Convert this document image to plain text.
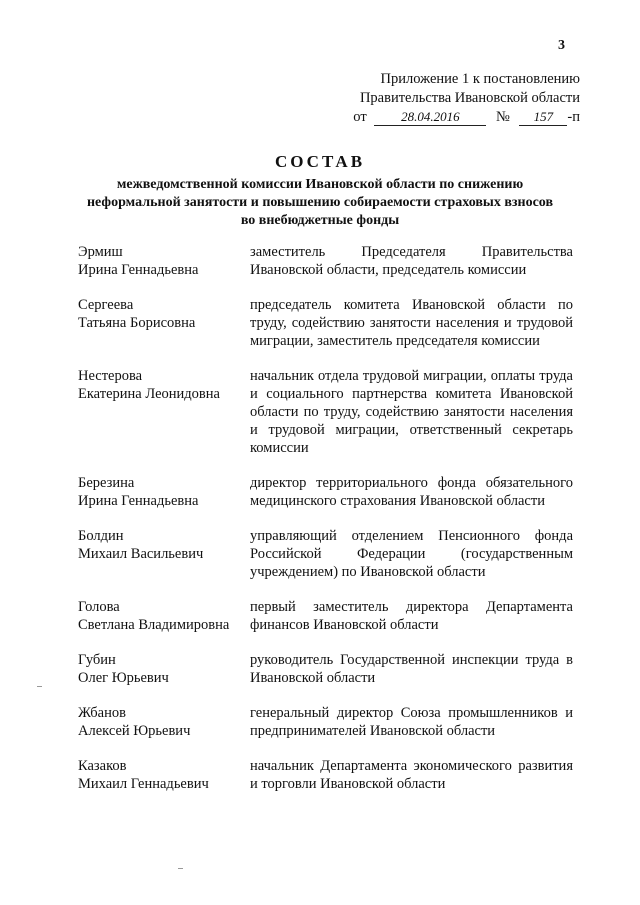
3
Приложение 1 к постановлению
Правительства Ивановской области
от	28.04.2016	№ 157 -п
СОСТАВ
межведомственной комиссии Ивановской области по снижению неформальной занятости и повышению собираемости страховых взносов во внебюджетные фонды
Эрмиш
Ирина Геннадьевна
заместитель Председателя Правительства Ивановской области, председатель комиссии
Сергеева
Татьяна Борисовна
председатель комитета Ивановской области по труду, содействию занятости населения и трудовой миграции, заместитель председателя комиссии
Нестерова
Екатерина Леонидовна
начальник отдела трудовой миграции, оплаты труда и социального партнерства комитета Ивановской области по труду, содействию занятости населения и трудовой миграции, ответственный секретарь комиссии
Березина
Ирина Геннадьевна
директор территориального фонда обязательного медицинского страхования Ивановской области
Болдин
Михаил Васильевич
управляющий отделением Пенсионного фонда Российской Федерации (государственным учреждением) по Ивановской области
Голова
Светлана Владимировна
первый заместитель директора Департамента финансов Ивановской области
Губин
Олег Юрьевич
руководитель Государственной инспекции труда в Ивановской области
Жбанов
Алексей Юрьевич
генеральный директор Союза промышленников и предпринимателей Ивановской области
Казаков
Михаил Геннадьевич
начальник Департамента экономического развития и торговли Ивановской области
